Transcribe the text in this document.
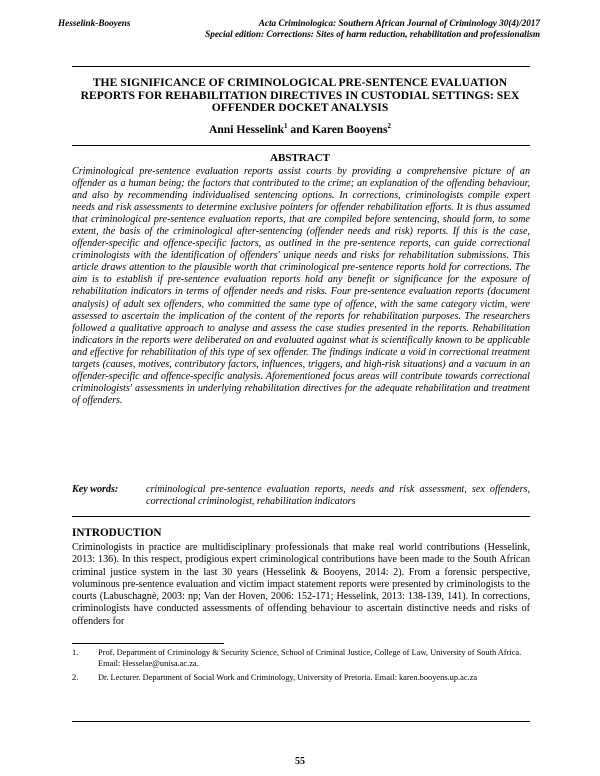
Hesselink-Booyens	Acta Criminologica: Southern African Journal of Criminology 30(4)/2017
Special edition: Corrections: Sites of harm reduction, rehabilitation and professionalism
THE SIGNIFICANCE OF CRIMINOLOGICAL PRE-SENTENCE EVALUATION REPORTS FOR REHABILITATION DIRECTIVES IN CUSTODIAL SETTINGS: SEX OFFENDER DOCKET ANALYSIS
Anni Hesselink$^1$ and Karen Booyens$^2$
ABSTRACT
Criminological pre-sentence evaluation reports assist courts by providing a comprehensive picture of an offender as a human being; the factors that contributed to the crime; an explanation of the offending behaviour, and also by recommending individualised sentencing options. In corrections, criminologists compile expert needs and risk assessments to determine exclusive pointers for offender rehabilitation efforts. It is thus assumed that criminological pre-sentence evaluation reports, that are compiled before sentencing, should form, to some extent, the basis of the criminological after-sentencing (offender needs and risk) reports. If this is the case, offender-specific and offence-specific factors, as outlined in the pre-sentence reports, can guide correctional criminologists with the identification of offenders' unique needs and risks for rehabilitation submissions. This article draws attention to the plausible worth that criminological pre-sentence reports hold for corrections. The aim is to establish if pre-sentence evaluation reports hold any benefit or significance for the exposure of rehabilitation indicators in terms of offender needs and risks. Four pre-sentence evaluation reports (document analysis) of adult sex offenders, who committed the same type of offence, with the same category victim, were assessed to ascertain the implication of the content of the reports for rehabilitation purposes. The researchers followed a qualitative approach to analyse and assess the case studies presented in the reports. Rehabilitation indicators in the reports were deliberated on and evaluated against what is scientifically known to be applicable and effective for rehabilitation of this type of sex offender. The findings indicate a void in correctional treatment targets (causes, motives, contributory factors, influences, triggers, and high-risk situations) and a vacuum in an offender-specific and offence-specific analysis. Aforementioned focus areas will contribute towards correctional criminologists' assessments in underlying rehabilitation directives for the adequate rehabilitation and treatment of offenders.
Key words:	criminological pre-sentence evaluation reports, needs and risk assessment, sex offenders, correctional criminologist, rehabilitation indicators
INTRODUCTION
Criminologists in practice are multidisciplinary professionals that make real world contributions (Hesselink, 2013: 136). In this respect, prodigious expert criminological contributions have been made to the South African criminal justice system in the last 30 years (Hesselink & Booyens, 2014: 2). From a forensic perspective, voluminous pre-sentence evaluation and victim impact statement reports were presented by criminologists to the courts (Labuschagnè, 2003: np; Van der Hoven, 2006: 152-171; Hesselink, 2013: 138-139, 141). In corrections, criminologists have conducted assessments of offending behaviour to ascertain distinctive needs and risks of offenders for
1.	Prof. Department of Criminology & Security Science, School of Criminal Justice, College of Law, University of South Africa. Email: Hesselae@unisa.ac.za.
2.	Dr. Lecturer. Department of Social Work and Criminology, University of Pretoria. Email: karen.booyens.up.ac.za
55
